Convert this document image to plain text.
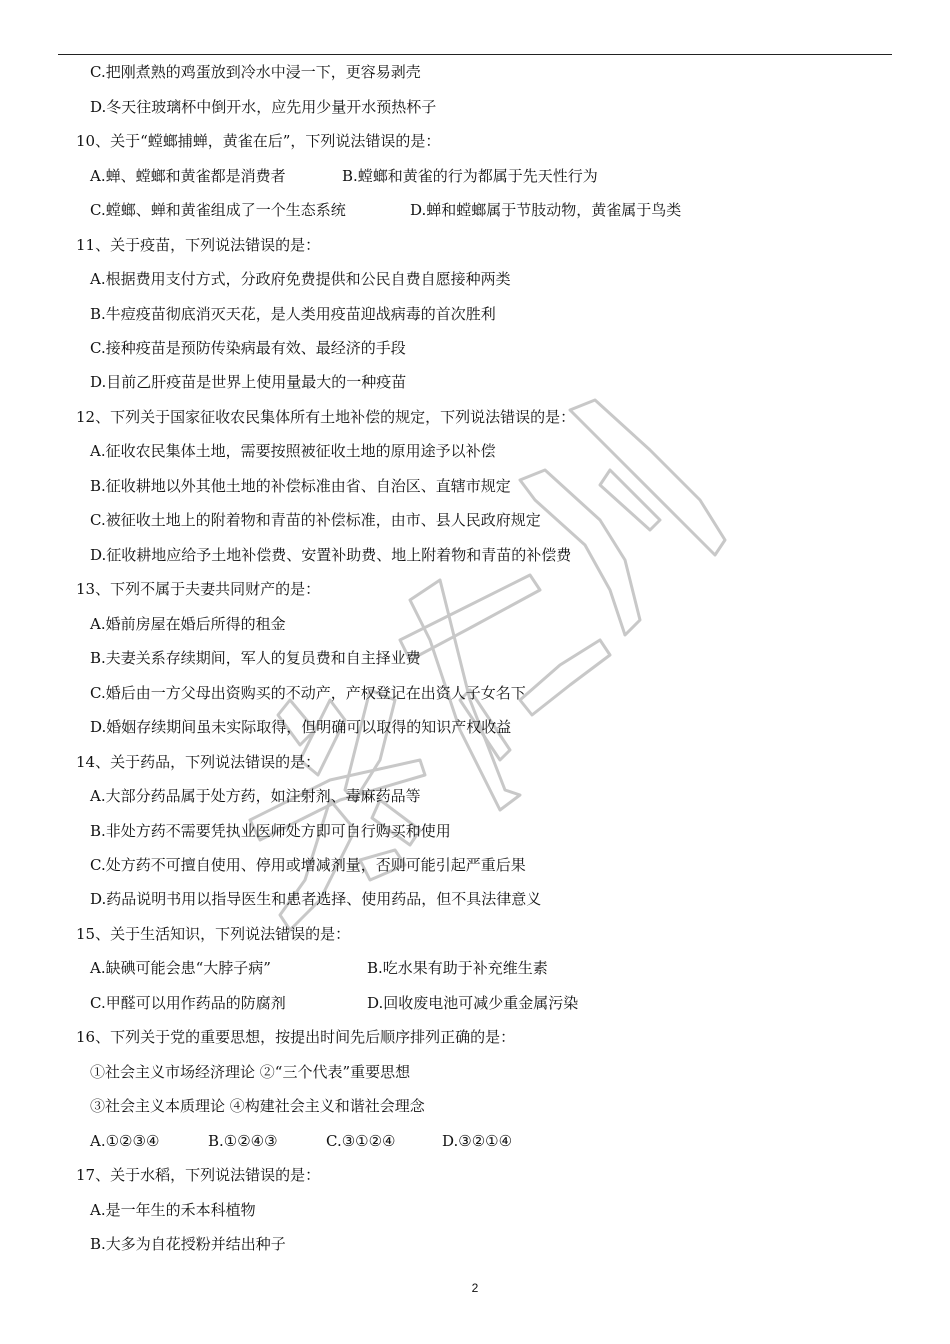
C.把刚煮熟的鸡蛋放到冷水中浸一下，更容易剥壳
D.冬天往玻璃杯中倒开水，应先用少量开水预热杯子
10、关于“螳螂捕蝉，黄雀在后”，下列说法错误的是：
A.蝉、螳螂和黄雀都是消费者	B.螳螂和黄雀的行为都属于先天性行为
C.螳螂、蝉和黄雀组成了一个生态系统	D.蝉和螳螂属于节肢动物，黄雀属于鸟类
11、关于疫苗，下列说法错误的是：
A.根据费用支付方式，分政府免费提供和公民自费自愿接种两类
B.牛痘疫苗彻底消灭天花，是人类用疫苗迎战病毒的首次胜利
C.接种疫苗是预防传染病最有效、最经济的手段
D.目前乙肝疫苗是世界上使用量最大的一种疫苗
12、下列关于国家征收农民集体所有土地补偿的规定，下列说法错误的是：
A.征收农民集体土地，需要按照被征收土地的原用途予以补偿
B.征收耕地以外其他土地的补偿标准由省、自治区、直辖市规定
C.被征收土地上的附着物和青苗的补偿标准，由市、县人民政府规定
D.征收耕地应给予土地补偿费、安置补助费、地上附着物和青苗的补偿费
13、下列不属于夫妻共同财产的是：
A.婚前房屋在婚后所得的租金
B.夫妻关系存续期间，军人的复员费和自主择业费
C.婚后由一方父母出资购买的不动产，产权登记在出资人子女名下
D.婚姻存续期间虽未实际取得，但明确可以取得的知识产权收益
14、关于药品，下列说法错误的是：
A.大部分药品属于处方药，如注射剂、毒麻药品等
B.非处方药不需要凭执业医师处方即可自行购买和使用
C.处方药不可擅自使用、停用或增减剂量，否则可能引起严重后果
D.药品说明书用以指导医生和患者选择、使用药品，但不具法律意义
15、关于生活知识，下列说法错误的是：
A.缺碘可能会患“大脖子病”	B.吃水果有助于补充维生素
C.甲醛可以用作药品的防腐剂	D.回收废电池可减少重金属污染
16、下列关于党的重要思想，按提出时间先后顺序排列正确的是：
①社会主义市场经济理论 ②“三个代表”重要思想
③社会主义本质理论 ④构建社会主义和谐社会理念
A.①②③④	B.①②④③	C.③①②④	D.③②①④
17、关于水稻，下列说法错误的是：
A.是一年生的禾本科植物
B.大多为自花授粉并结出种子
2
